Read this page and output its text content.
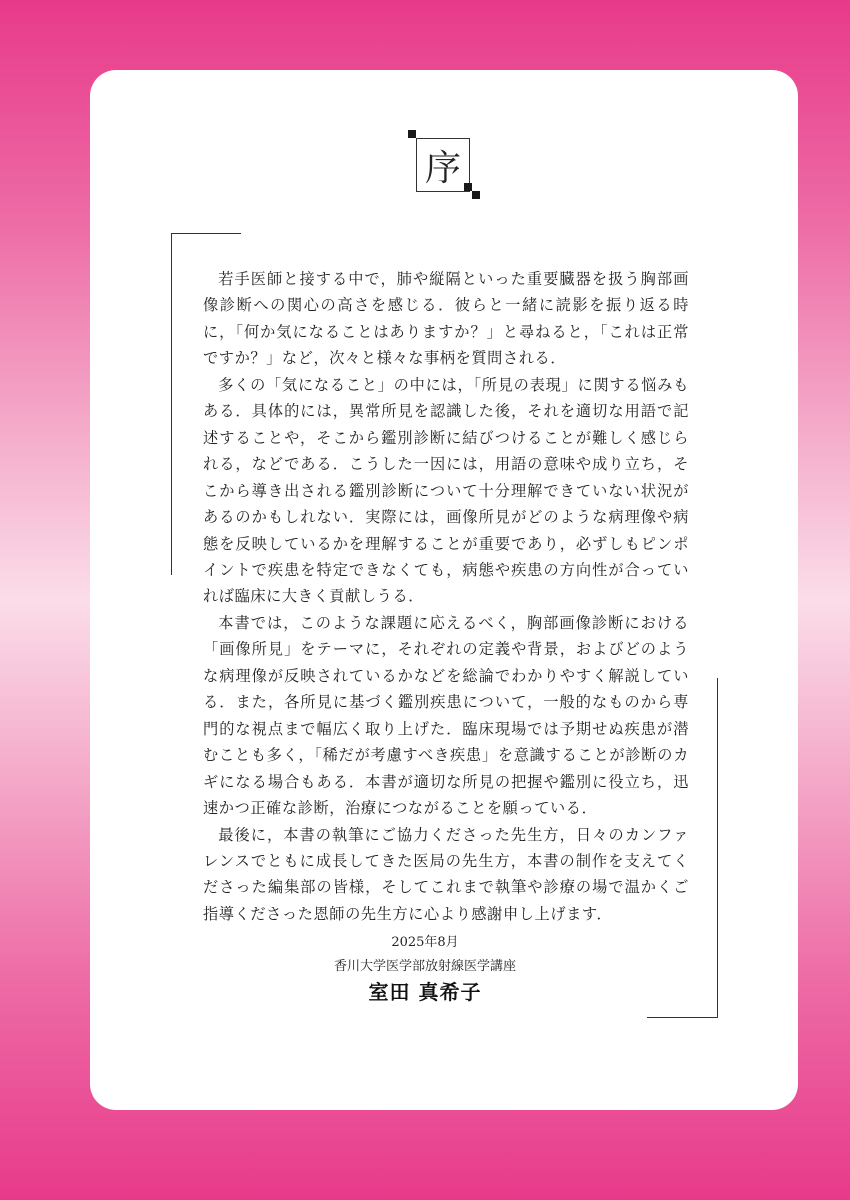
序

若手医師と接する中で，肺や縦隔といった重要臓器を扱う胸部画像診断への関心の高さを感じる．彼らと一緒に読影を振り返る時に，「何か気になることはありますか？」と尋ねると，「これは正常ですか？」など，次々と様々な事柄を質問される．

多くの「気になること」の中には，「所見の表現」に関する悩みもある．具体的には，異常所見を認識した後，それを適切な用語で記述することや，そこから鑑別診断に結びつけることが難しく感じられる，などである．こうした一因には，用語の意味や成り立ち，そこから導き出される鑑別診断について十分理解できていない状況があるのかもしれない．実際には，画像所見がどのような病理像や病態を反映しているかを理解することが重要であり，必ずしもピンポイントで疾患を特定できなくても，病態や疾患の方向性が合っていれば臨床に大きく貢献しうる．

本書では，このような課題に応えるべく，胸部画像診断における「画像所見」をテーマに，それぞれの定義や背景，およびどのような病理像が反映されているかなどを総論でわかりやすく解説している．また，各所見に基づく鑑別疾患について，一般的なものから専門的な視点まで幅広く取り上げた．臨床現場では予期せぬ疾患が潜むことも多く，「稀だが考慮すべき疾患」を意識することが診断のカギになる場合もある．本書が適切な所見の把握や鑑別に役立ち，迅速かつ正確な診断，治療につながることを願っている．

最後に，本書の執筆にご協力くださった先生方，日々のカンファレンスでともに成長してきた医局の先生方，本書の制作を支えてくださった編集部の皆様，そしてこれまで執筆や診療の場で温かくご指導くださった恩師の先生方に心より感謝申し上げます．

2025年8月
香川大学医学部放射線医学講座
室田 真希子
